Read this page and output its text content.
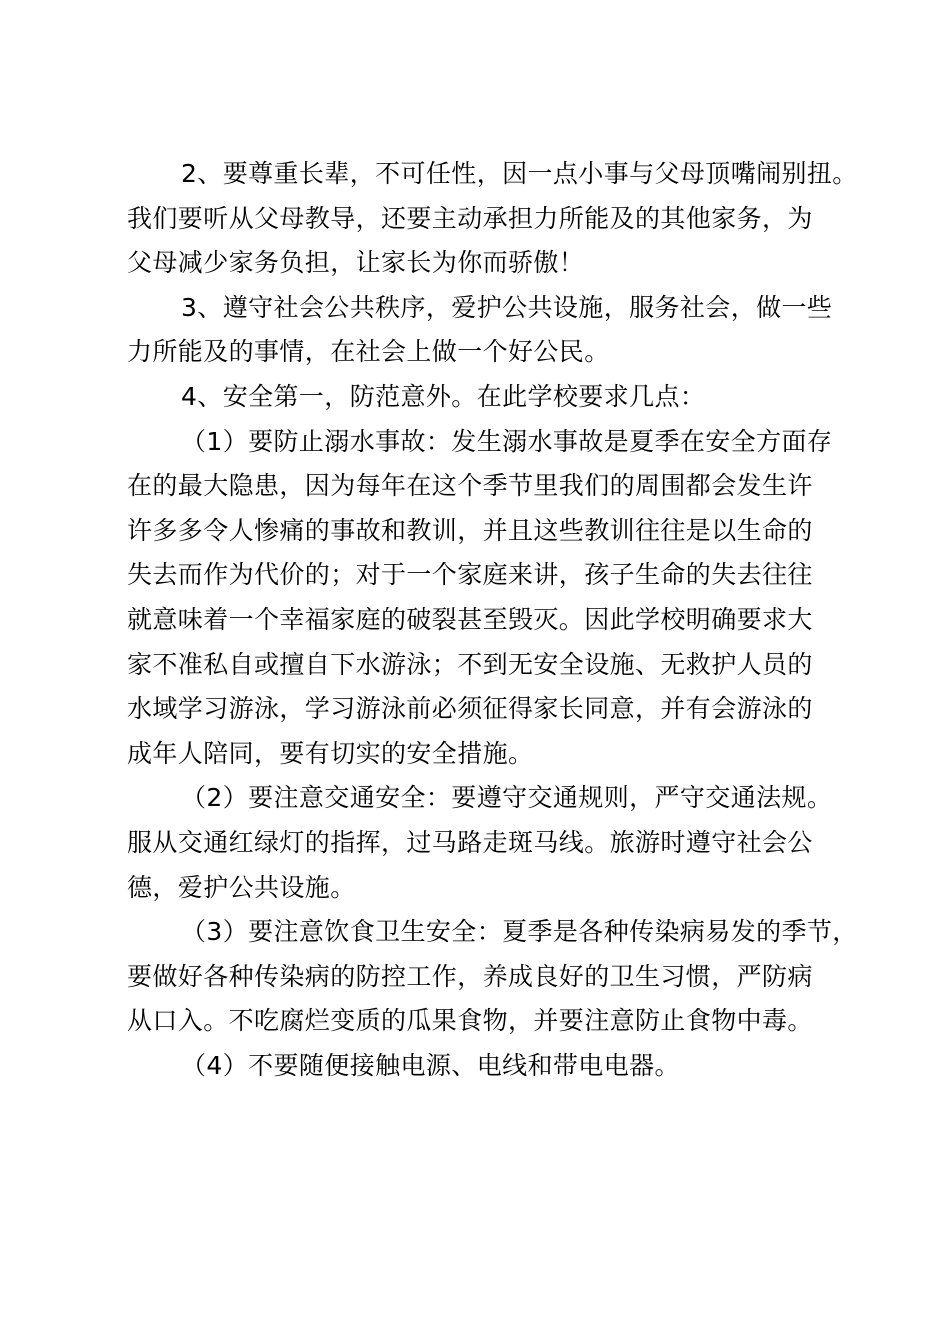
2、要尊重长辈，不可任性，因一点小事与父母顶嘴闹别扭。
我们要听从父母教导，还要主动承担力所能及的其他家务，为
父母减少家务负担，让家长为你而骄傲！
3、遵守社会公共秩序，爱护公共设施，服务社会，做一些
力所能及的事情，在社会上做一个好公民。
4、安全第一，防范意外。在此学校要求几点：
（1）要防止溺水事故：发生溺水事故是夏季在安全方面存
在的最大隐患，因为每年在这个季节里我们的周围都会发生许
许多多令人惨痛的事故和教训，并且这些教训往往是以生命的
失去而作为代价的；对于一个家庭来讲，孩子生命的失去往往
就意味着一个幸福家庭的破裂甚至毁灭。因此学校明确要求大
家不准私自或擅自下水游泳；不到无安全设施、无救护人员的
水域学习游泳，学习游泳前必须征得家长同意，并有会游泳的
成年人陪同，要有切实的安全措施。
（2）要注意交通安全：要遵守交通规则，严守交通法规。
服从交通红绿灯的指挥，过马路走斑马线。旅游时遵守社会公
德，爱护公共设施。
（3）要注意饮食卫生安全：夏季是各种传染病易发的季节，
要做好各种传染病的防控工作，养成良好的卫生习惯，严防病
从口入。不吃腐烂变质的瓜果食物，并要注意防止食物中毒。
（4）不要随便接触电源、电线和带电电器。
